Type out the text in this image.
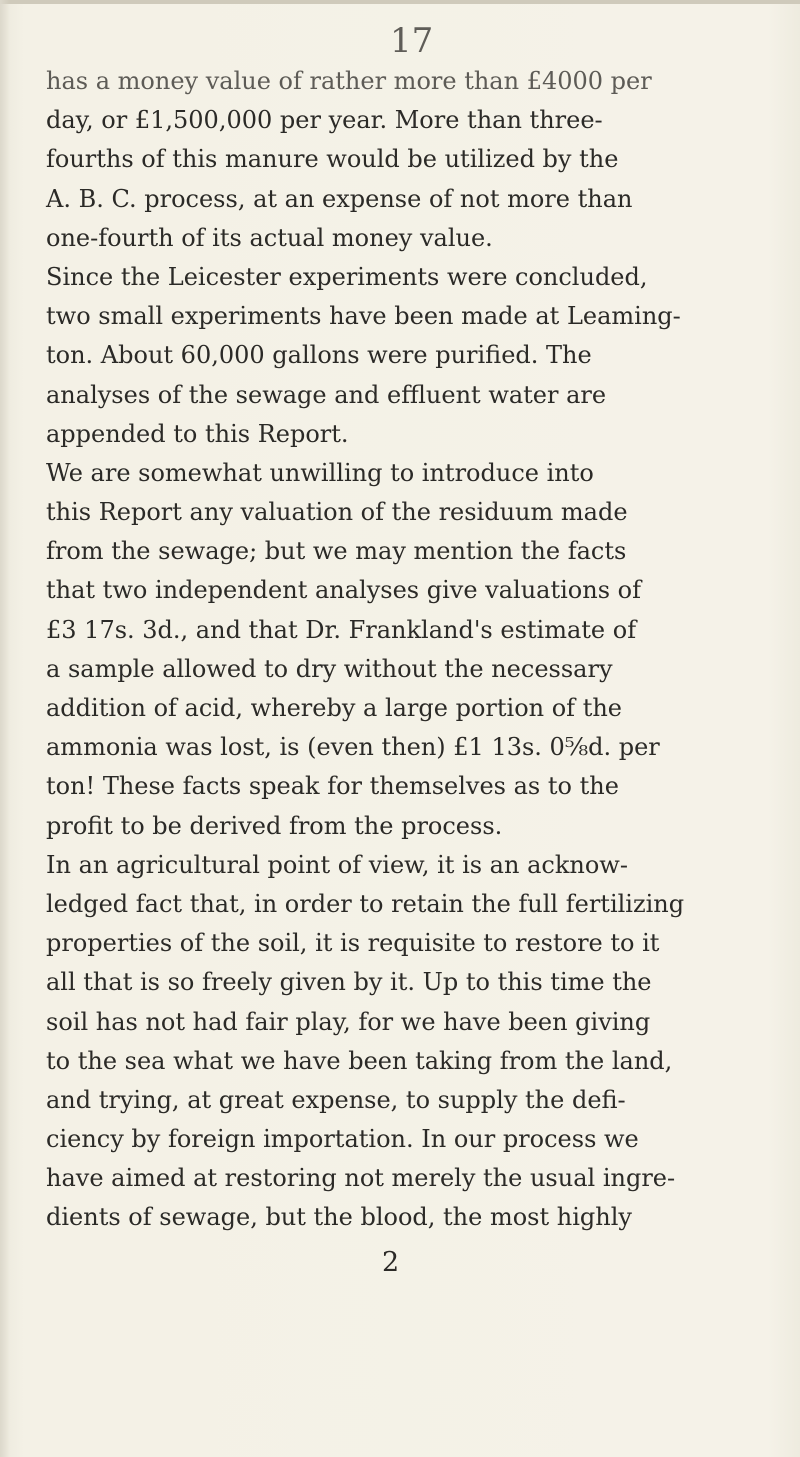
17
has a money value of rather more than £4000 per
day, or £1,500,000 per year. More than three-
fourths of this manure would be utilized by the
A. B. C. process, at an expense of not more than
one-fourth of its actual money value.
Since the Leicester experiments were concluded,
two small experiments have been made at Leaming-
ton. About 60,000 gallons were purified. The
analyses of the sewage and effluent water are
appended to this Report.
We are somewhat unwilling to introduce into
this Report any valuation of the residuum made
from the sewage; but we may mention the facts
that two independent analyses give valuations of
£3 17s. 3d., and that Dr. Frankland's estimate of
a sample allowed to dry without the necessary
addition of acid, whereby a large portion of the
ammonia was lost, is (even then) £1 13s. 0⅝d. per
ton! These facts speak for themselves as to the
profit to be derived from the process.
In an agricultural point of view, it is an acknow-
ledged fact that, in order to retain the full fertilizing
properties of the soil, it is requisite to restore to it
all that is so freely given by it. Up to this time the
soil has not had fair play, for we have been giving
to the sea what we have been taking from the land,
and trying, at great expense, to supply the defi-
ciency by foreign importation. In our process we
have aimed at restoring not merely the usual ingre-
dients of sewage, but the blood, the most highly
2
